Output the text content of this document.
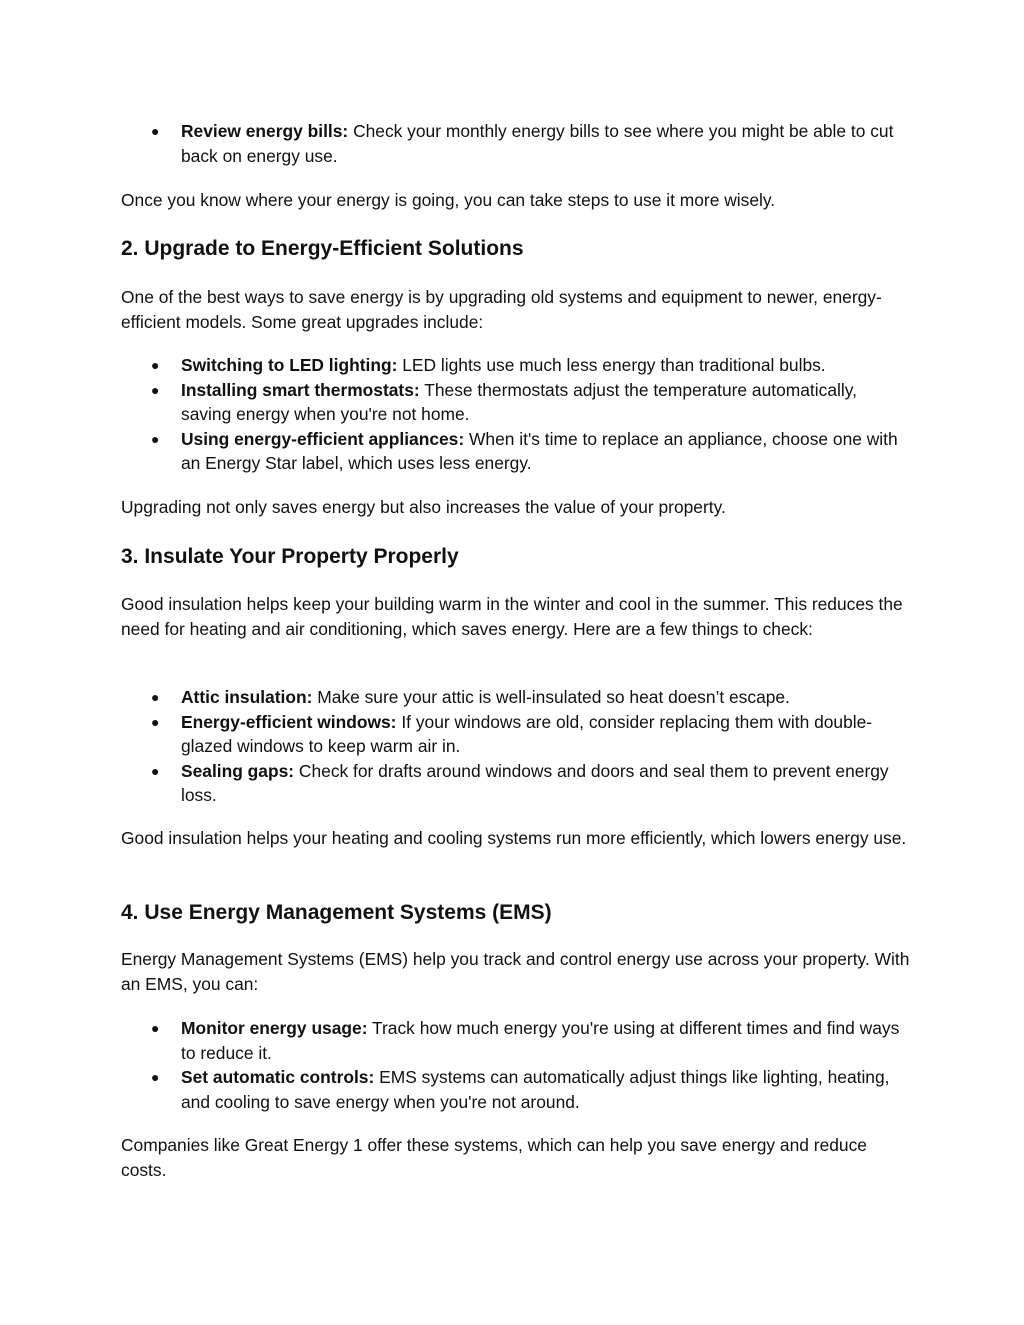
● Review energy bills: Check your monthly energy bills to see where you might be able to cut back on energy use.

Once you know where your energy is going, you can take steps to use it more wisely.

2. Upgrade to Energy-Efficient Solutions

One of the best ways to save energy is by upgrading old systems and equipment to newer, energy-efficient models. Some great upgrades include:

● Switching to LED lighting: LED lights use much less energy than traditional bulbs.
● Installing smart thermostats: These thermostats adjust the temperature automatically, saving energy when you're not home.
● Using energy-efficient appliances: When it's time to replace an appliance, choose one with an Energy Star label, which uses less energy.

Upgrading not only saves energy but also increases the value of your property.

3. Insulate Your Property Properly

Good insulation helps keep your building warm in the winter and cool in the summer. This reduces the need for heating and air conditioning, which saves energy. Here are a few things to check:

● Attic insulation: Make sure your attic is well-insulated so heat doesn’t escape.
● Energy-efficient windows: If your windows are old, consider replacing them with double-glazed windows to keep warm air in.
● Sealing gaps: Check for drafts around windows and doors and seal them to prevent energy loss.

Good insulation helps your heating and cooling systems run more efficiently, which lowers energy use.

4. Use Energy Management Systems (EMS)

Energy Management Systems (EMS) help you track and control energy use across your property. With an EMS, you can:

● Monitor energy usage: Track how much energy you're using at different times and find ways to reduce it.
● Set automatic controls: EMS systems can automatically adjust things like lighting, heating, and cooling to save energy when you're not around.

Companies like Great Energy 1 offer these systems, which can help you save energy and reduce costs.
